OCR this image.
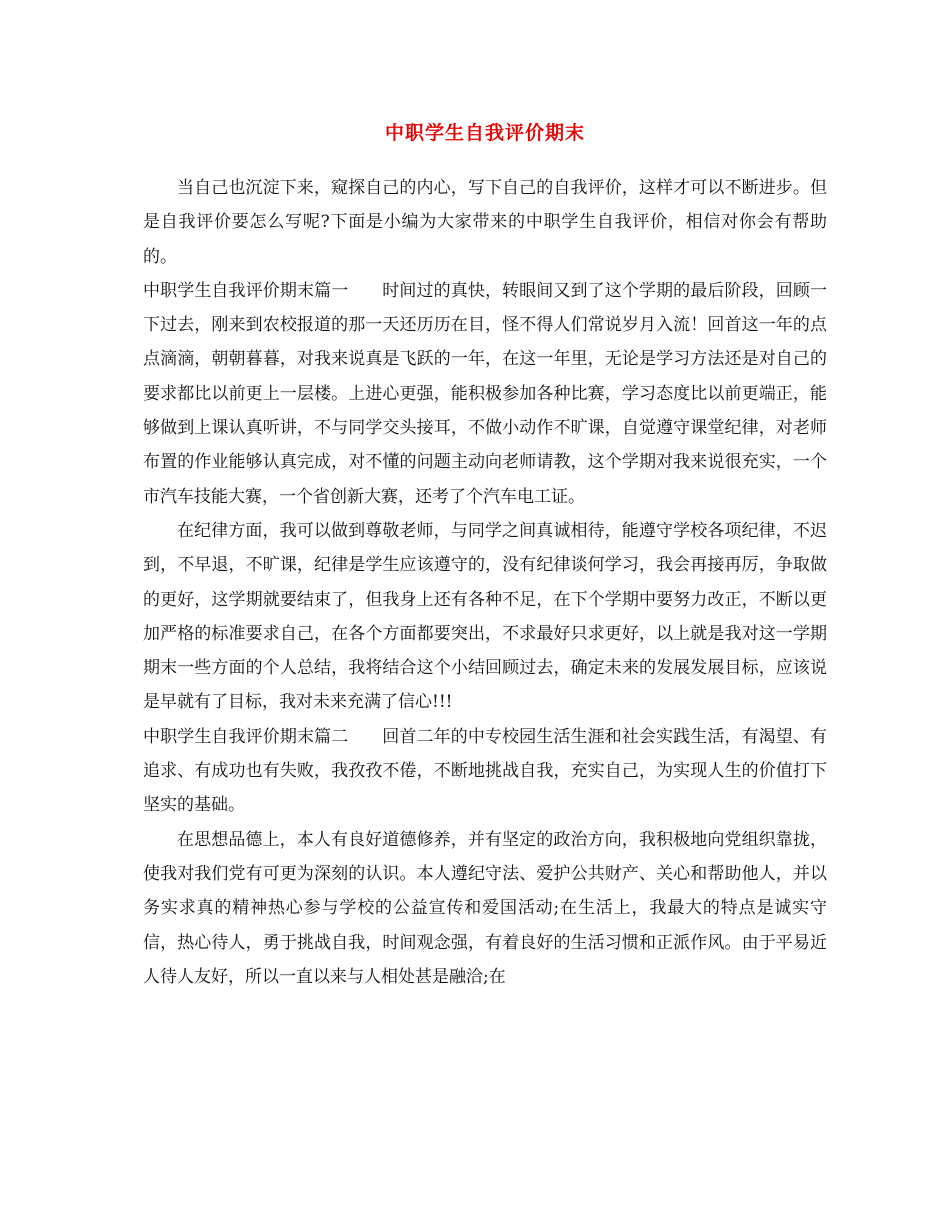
中职学生自我评价期末

当自己也沉淀下来，窥探自己的内心，写下自己的自我评价，这样才可以不断进步。但是自我评价要怎么写呢?下面是小编为大家带来的中职学生自我评价，相信对你会有帮助的。

中职学生自我评价期末篇一 时间过的真快，转眼间又到了这个学期的最后阶段，回顾一下过去，刚来到农校报道的那一天还历历在目，怪不得人们常说岁月入流！回首这一年的点点滴滴，朝朝暮暮，对我来说真是飞跃的一年，在这一年里，无论是学习方法还是对自己的要求都比以前更上一层楼。上进心更强，能积极参加各种比赛，学习态度比以前更端正，能够做到上课认真听讲，不与同学交头接耳，不做小动作不旷课，自觉遵守课堂纪律，对老师布置的作业能够认真完成，对不懂的问题主动向老师请教，这个学期对我来说很充实，一个市汽车技能大赛，一个省创新大赛，还考了个汽车电工证。

在纪律方面，我可以做到尊敬老师，与同学之间真诚相待，能遵守学校各项纪律，不迟到，不早退，不旷课，纪律是学生应该遵守的，没有纪律谈何学习，我会再接再厉，争取做的更好，这学期就要结束了，但我身上还有各种不足，在下个学期中要努力改正，不断以更加严格的标准要求自己，在各个方面都要突出，不求最好只求更好，以上就是我对这一学期期末一些方面的个人总结，我将结合这个小结回顾过去，确定未来的发展发展目标，应该说是早就有了目标，我对未来充满了信心!!!

中职学生自我评价期末篇二 回首二年的中专校园生活生涯和社会实践生活，有渴望、有追求、有成功也有失败，我孜孜不倦，不断地挑战自我，充实自己，为实现人生的价值打下坚实的基础。

在思想品德上，本人有良好道德修养，并有坚定的政治方向，我积极地向党组织靠拢，使我对我们党有可更为深刻的认识。本人遵纪守法、爱护公共财产、关心和帮助他人，并以务实求真的精神热心参与学校的公益宣传和爱国活动;在生活上，我最大的特点是诚实守信，热心待人，勇于挑战自我，时间观念强，有着良好的生活习惯和正派作风。由于平易近人待人友好，所以一直以来与人相处甚是融洽;在
